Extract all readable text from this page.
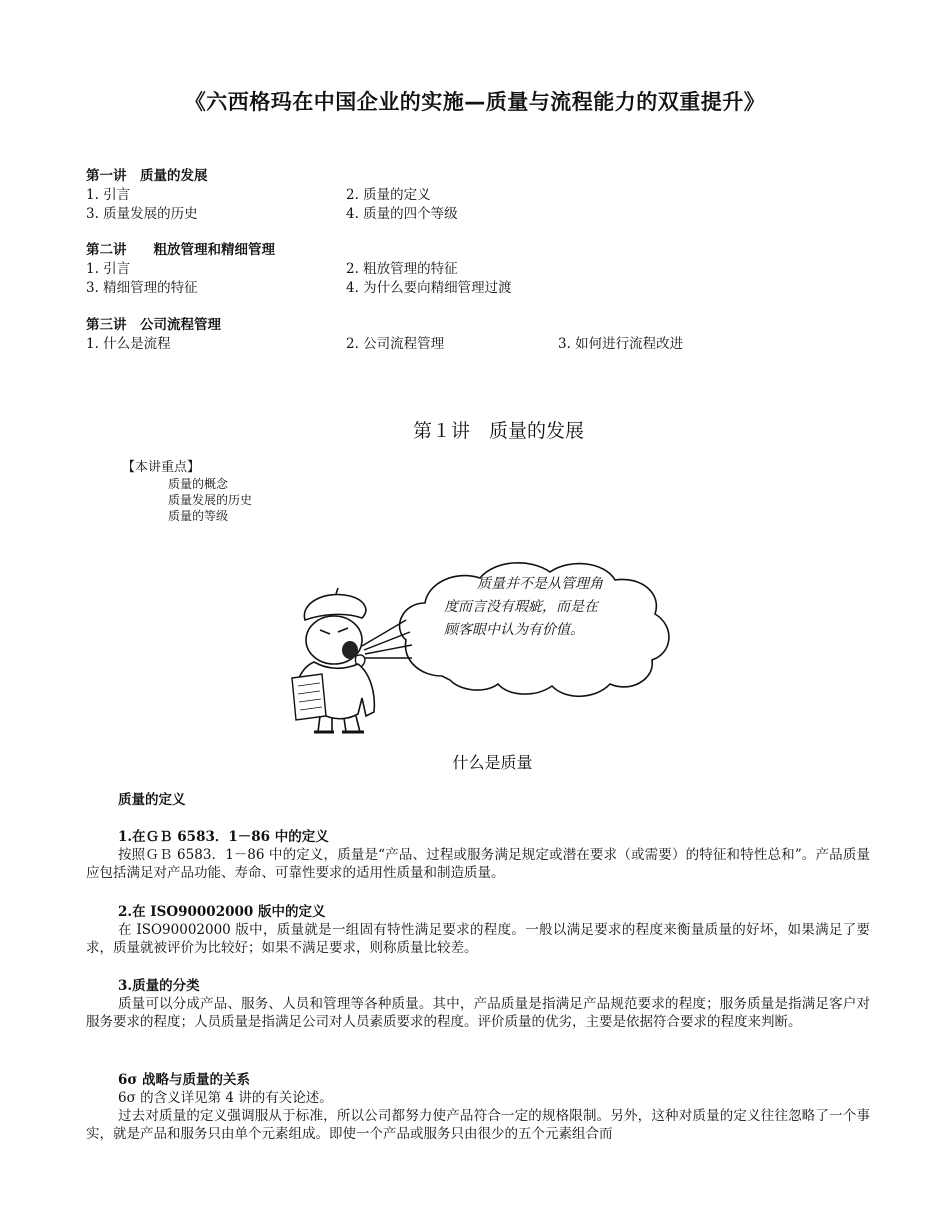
《六西格玛在中国企业的实施—质量与流程能力的双重提升》
第一讲　质量的发展
1. 引言	2. 质量的定义
3. 质量发展的历史	4. 质量的四个等级
第二讲　　粗放管理和精细管理
1. 引言	2. 粗放管理的特征
3. 精细管理的特征	4. 为什么要向精细管理过渡
第三讲　公司流程管理
1. 什么是流程	2. 公司流程管理	3. 如何进行流程改进
第１讲　质量的发展
【本讲重点】
质量的概念
质量发展的历史
质量的等级
质量并不是从管理角
度而言没有瑕疵，而是在
顾客眼中认为有价值。
什么是质量
质量的定义
1.在ＧＢ 6583．1－86 中的定义
按照ＧＢ 6583．1－86 中的定义，质量是“产品、过程或服务满足规定或潜在要求（或需要）的特征和特性总和”。产品质量应包括满足对产品功能、寿命、可靠性要求的适用性质量和制造质量。
2.在 ISO90002000 版中的定义
在 ISO90002000 版中，质量就是一组固有特性满足要求的程度。一般以满足要求的程度来衡量质量的好坏，如果满足了要求，质量就被评价为比较好；如果不满足要求，则称质量比较差。
3.质量的分类
质量可以分成产品、服务、人员和管理等各种质量。其中，产品质量是指满足产品规范要求的程度；服务质量是指满足客户对服务要求的程度；人员质量是指满足公司对人员素质要求的程度。评价质量的优劣，主要是依据符合要求的程度来判断。
6σ 战略与质量的关系
6σ 的含义详见第 4 讲的有关论述。
过去对质量的定义强调服从于标准，所以公司都努力使产品符合一定的规格限制。另外，这种对质量的定义往往忽略了一个事实，就是产品和服务只由单个元素组成。即使一个产品或服务只由很少的五个元素组合而
